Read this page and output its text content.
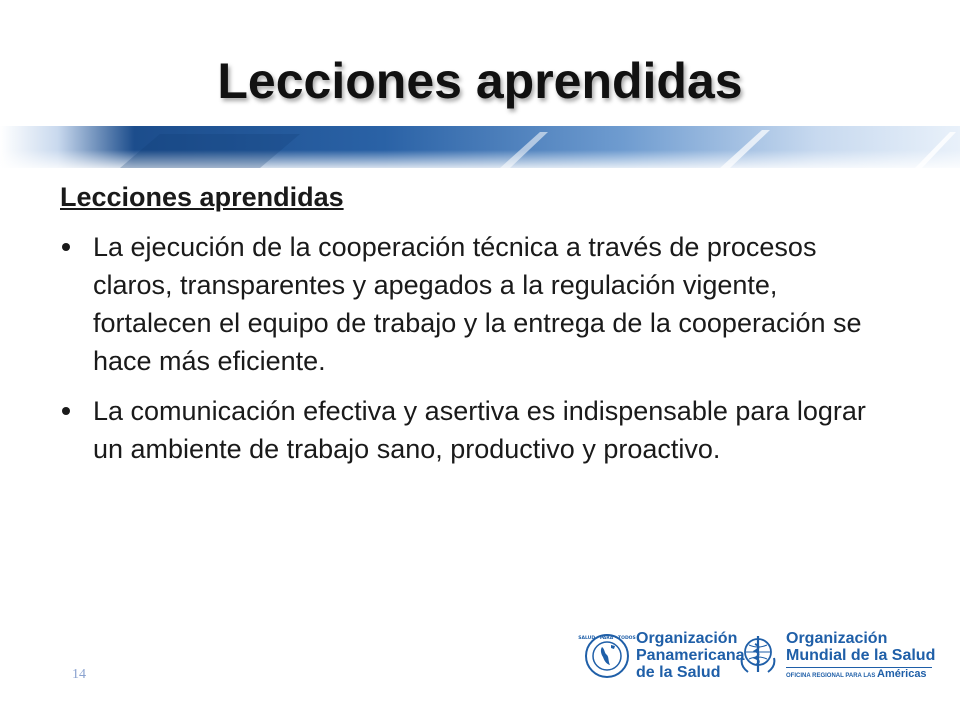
Lecciones aprendidas

Lecciones aprendidas

La ejecución de la cooperación técnica a través de procesos claros, transparentes y apegados a la regulación vigente, fortalecen el equipo de trabajo y la entrega de la cooperación se hace más eficiente.
La comunicación efectiva y asertiva es indispensable para lograr un ambiente de trabajo sano, productivo y proactivo.
14
SALUD · PARA · TODOS Organización
Panamericana
de la Salud
Organización
Mundial de la Salud
OFICINA REGIONAL PARA LAS Américas
